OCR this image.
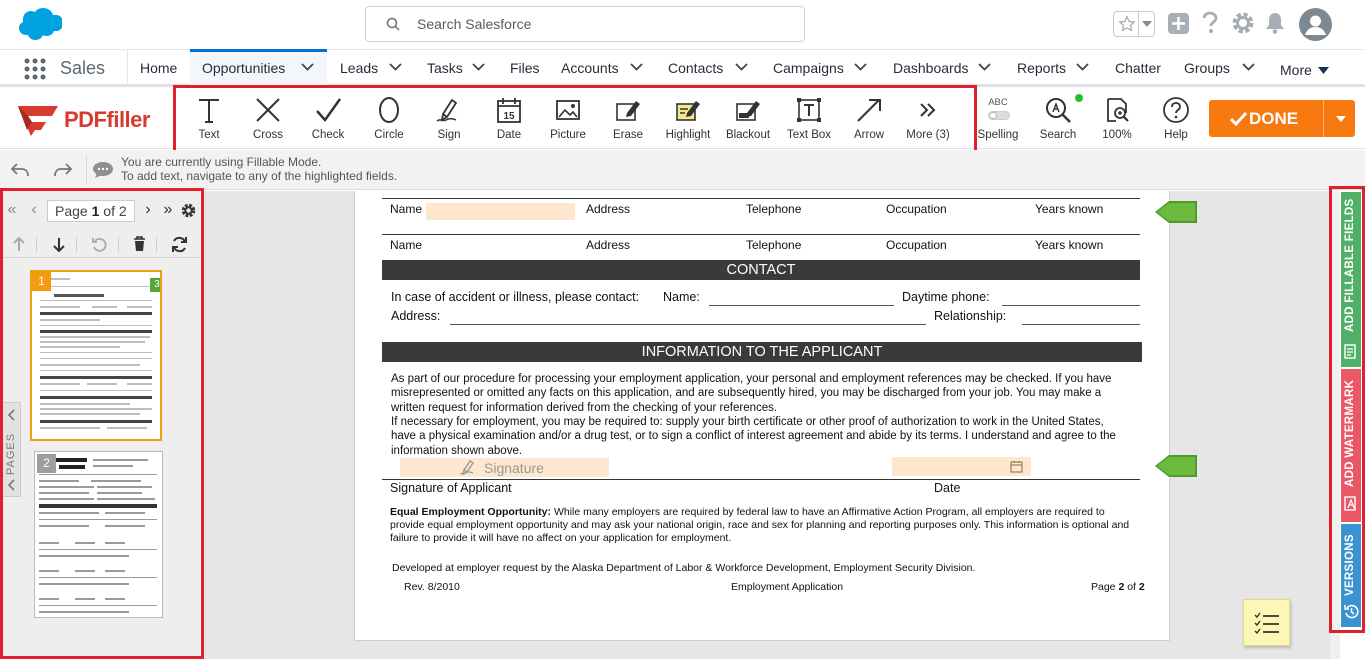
Search Salesforce
Sales Home Opportunities	Leads	Tasks	Files Accounts	Contacts	Campaigns	Dashboards	Reports	Chatter Groups	More
PDFfiller
Text	Cross	Check	Circle	Sign
15
Date	Picture	Erase	Highlight	Blackout	Text Box	Arrow	More (3)
ABC
Spelling	Search	100%	Help
DONE
You are currently using Fillable Mode.
To add text, navigate to any of the highlighted fields.
« ‹	Page 1 of 2	› »
PAGES
1	3
2
Name	Address	Telephone	Occupation	Years known
Name	Address	Telephone	Occupation	Years known
CONTACT
In case of accident or illness, please contact: Name:	Daytime phone:
Address:	Relationship:
INFORMATION TO THE APPLICANT
As part of our procedure for processing your employment application, your personal and employment references may be checked. If you have misrepresented or omitted any facts on this application, and are subsequently hired, you may be discharged from your job. You may make a written request for information derived from the checking of your references.
If necessary for employment, you may be required to: supply your birth certificate or other proof of authorization to work in the United States, have a physical examination and/or a drug test, or to sign a conflict of interest agreement and abide by its terms. I understand and agree to the information shown above.
Signature
Signature of Applicant	Date
Equal Employment Opportunity: While many employers are required by federal law to have an Affirmative Action Program, all employers are required to provide equal employment opportunity and may ask your national origin, race and sex for planning and reporting purposes only. This information is optional and failure to provide it will have no affect on your application for employment.
Developed at employer request by the Alaska Department of Labor & Workforce Development, Employment Security Division.
Rev. 8/2010	Employment Application	Page 2 of 2
ADD FILLABLE FIELDS
ADD WATERMARK
VERSIONS
